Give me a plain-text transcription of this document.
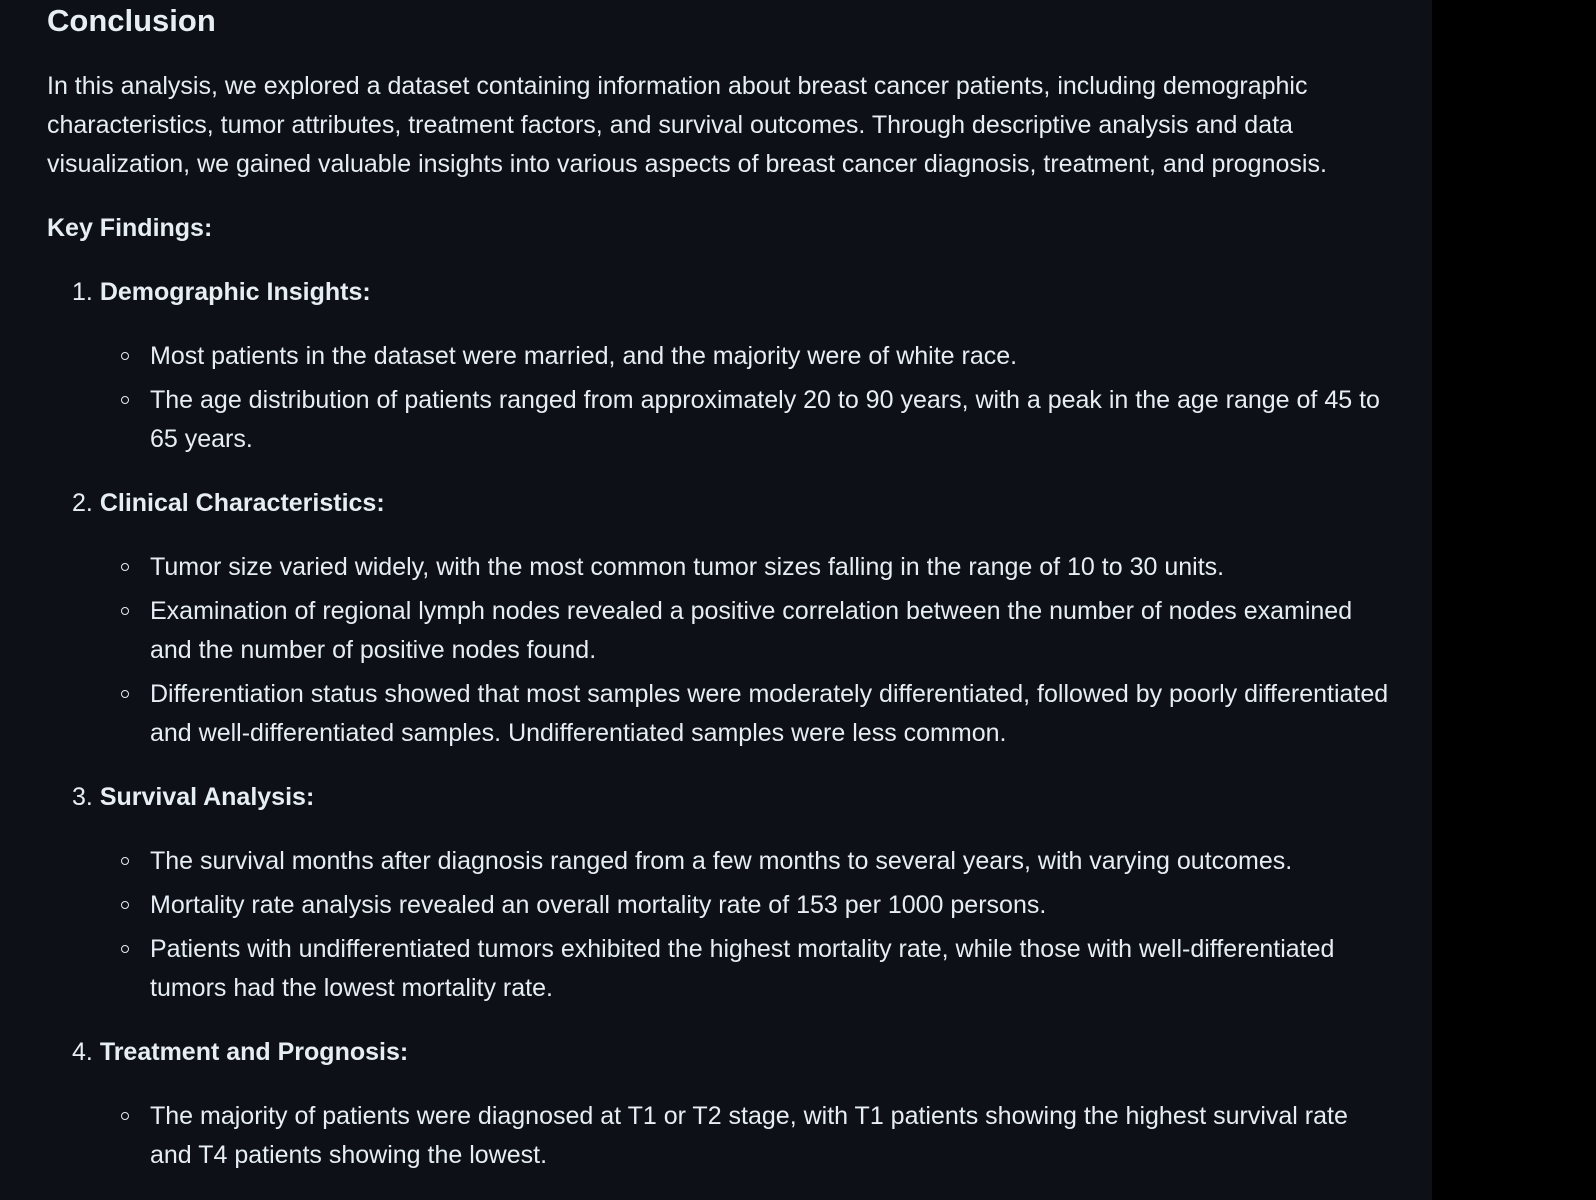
Conclusion

In this analysis, we explored a dataset containing information about breast cancer patients, including demographic characteristics, tumor attributes, treatment factors, and survival outcomes. Through descriptive analysis and data visualization, we gained valuable insights into various aspects of breast cancer diagnosis, treatment, and prognosis.

Key Findings:

1. Demographic Insights:
Most patients in the dataset were married, and the majority were of white race.
The age distribution of patients ranged from approximately 20 to 90 years, with a peak in the age range of 45 to 65 years.
2. Clinical Characteristics:
Tumor size varied widely, with the most common tumor sizes falling in the range of 10 to 30 units.
Examination of regional lymph nodes revealed a positive correlation between the number of nodes examined and the number of positive nodes found.
Differentiation status showed that most samples were moderately differentiated, followed by poorly differentiated and well-differentiated samples. Undifferentiated samples were less common.
3. Survival Analysis:
The survival months after diagnosis ranged from a few months to several years, with varying outcomes.
Mortality rate analysis revealed an overall mortality rate of 153 per 1000 persons.
Patients with undifferentiated tumors exhibited the highest mortality rate, while those with well-differentiated tumors had the lowest mortality rate.
4. Treatment and Prognosis:
The majority of patients were diagnosed at T1 or T2 stage, with T1 patients showing the highest survival rate and T4 patients showing the lowest.
